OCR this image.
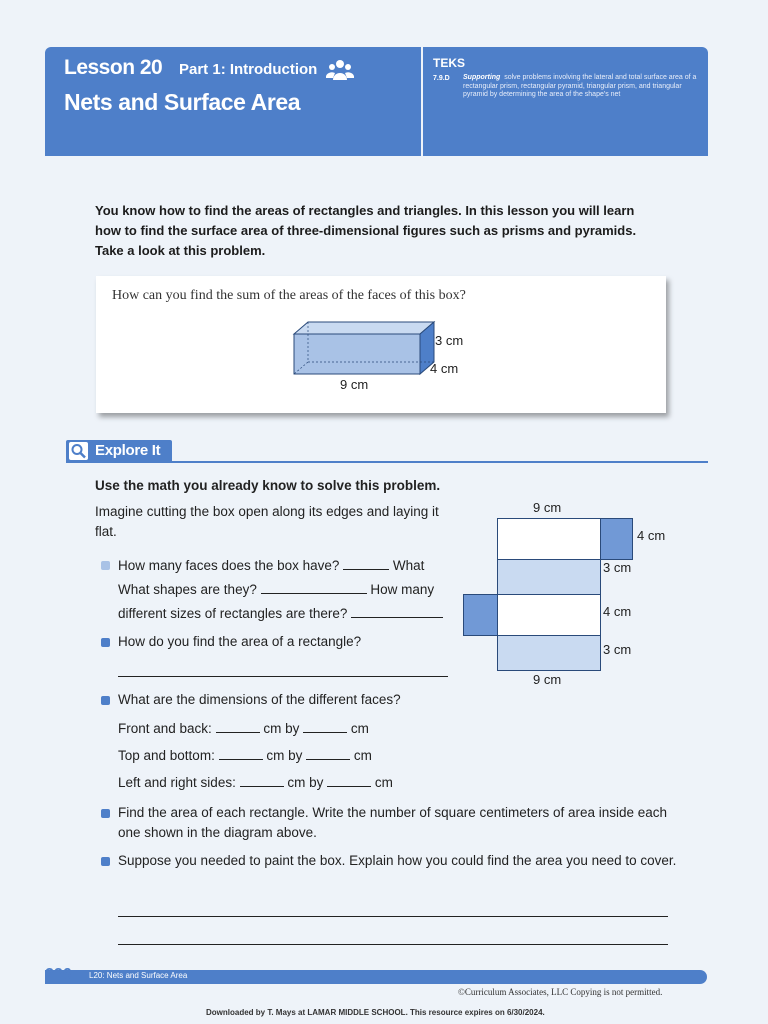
Lesson 20 Part 1: Introduction
Nets and Surface Area
TEKS
7.9.D Supporting solve problems involving the lateral and total surface area of a rectangular prism, rectangular pyramid, triangular prism, and triangular pyramid by determining the area of the shape's net
You know how to find the areas of rectangles and triangles. In this lesson you will learn how to find the surface area of three-dimensional figures such as prisms and pyramids. Take a look at this problem.
How can you find the sum of the areas of the faces of this box?
3 cm
4 cm
9 cm
Explore It
Use the math you already know to solve this problem.
Imagine cutting the box open along its edges and laying it flat.
How many faces does the box have?	What
What shapes are they?	How many
different sizes of rectangles are there?
How do you find the area of a rectangle?
What are the dimensions of the different faces?
Front and back:	cm by	cm
Top and bottom:	cm by	cm
Left and right sides:	cm by	cm
Find the area of each rectangle. Write the number of square centimeters of area inside each one shown in the diagram above.
Suppose you needed to paint the box. Explain how you could find the area you need to cover.
9 cm
4 cm
3 cm
4 cm
3 cm
9 cm
226 L20: Nets and Surface Area
©Curriculum Associates, LLC Copying is not permitted.
Downloaded by T. Mays at LAMAR MIDDLE SCHOOL. This resource expires on 6/30/2024.
